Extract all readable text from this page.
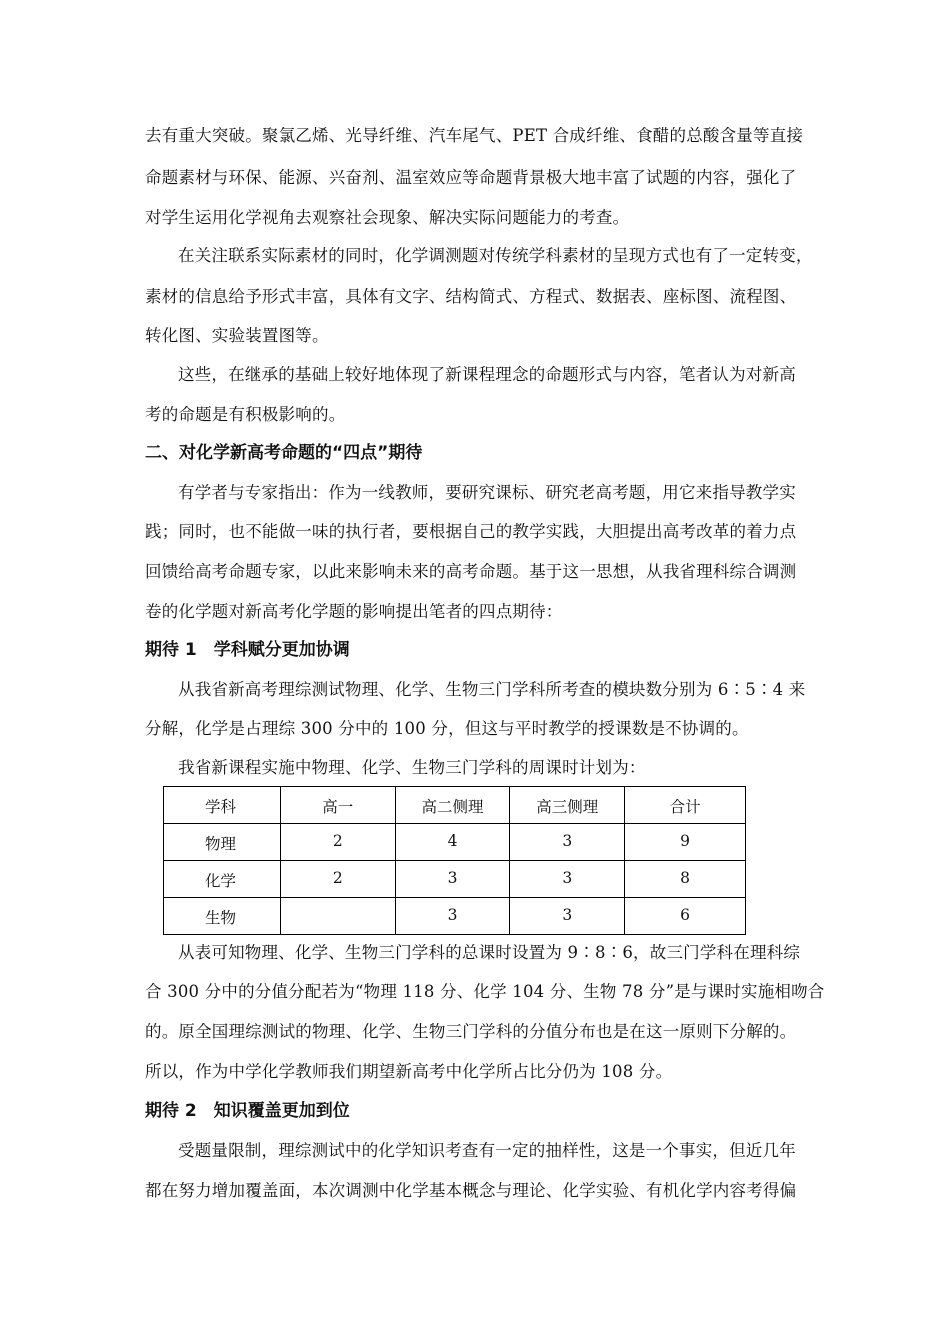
去有重大突破。聚氯乙烯、光导纤维、汽车尾气、PET 合成纤维、食醋的总酸含量等直接
命题素材与环保、能源、兴奋剂、温室效应等命题背景极大地丰富了试题的内容，强化了
对学生运用化学视角去观察社会现象、解决实际问题能力的考查。
在关注联系实际素材的同时，化学调测题对传统学科素材的呈现方式也有了一定转变，
素材的信息给予形式丰富，具体有文字、结构简式、方程式、数据表、座标图、流程图、
转化图、实验装置图等。
这些，在继承的基础上较好地体现了新课程理念的命题形式与内容，笔者认为对新高
考的命题是有积极影响的。
二、对化学新高考命题的“四点”期待
有学者与专家指出：作为一线教师，要研究课标、研究老高考题，用它来指导教学实
践；同时，也不能做一味的执行者，要根据自己的教学实践，大胆提出高考改革的着力点
回馈给高考命题专家，以此来影响未来的高考命题。基于这一思想，从我省理科综合调测
卷的化学题对新高考化学题的影响提出笔者的四点期待：
期待 1　学科赋分更加协调
从我省新高考理综测试物理、化学、生物三门学科所考查的模块数分别为 6∶5∶4 来
分解，化学是占理综 300 分中的 100 分，但这与平时教学的授课数是不协调的。
我省新课程实施中物理、化学、生物三门学科的周课时计划为：
学科	高一	高二侧理	高三侧理	合计
物理	2	4	3	9
化学	2	3	3	8
生物		3	3	6
从表可知物理、化学、生物三门学科的总课时设置为 9∶8∶6，故三门学科在理科综
合 300 分中的分值分配若为“物理 118 分、化学 104 分、生物 78 分”是与课时实施相吻合
的。原全国理综测试的物理、化学、生物三门学科的分值分布也是在这一原则下分解的。
所以，作为中学化学教师我们期望新高考中化学所占比分仍为 108 分。
期待 2　知识覆盖更加到位
受题量限制，理综测试中的化学知识考查有一定的抽样性，这是一个事实，但近几年
都在努力增加覆盖面，本次调测中化学基本概念与理论、化学实验、有机化学内容考得偏
